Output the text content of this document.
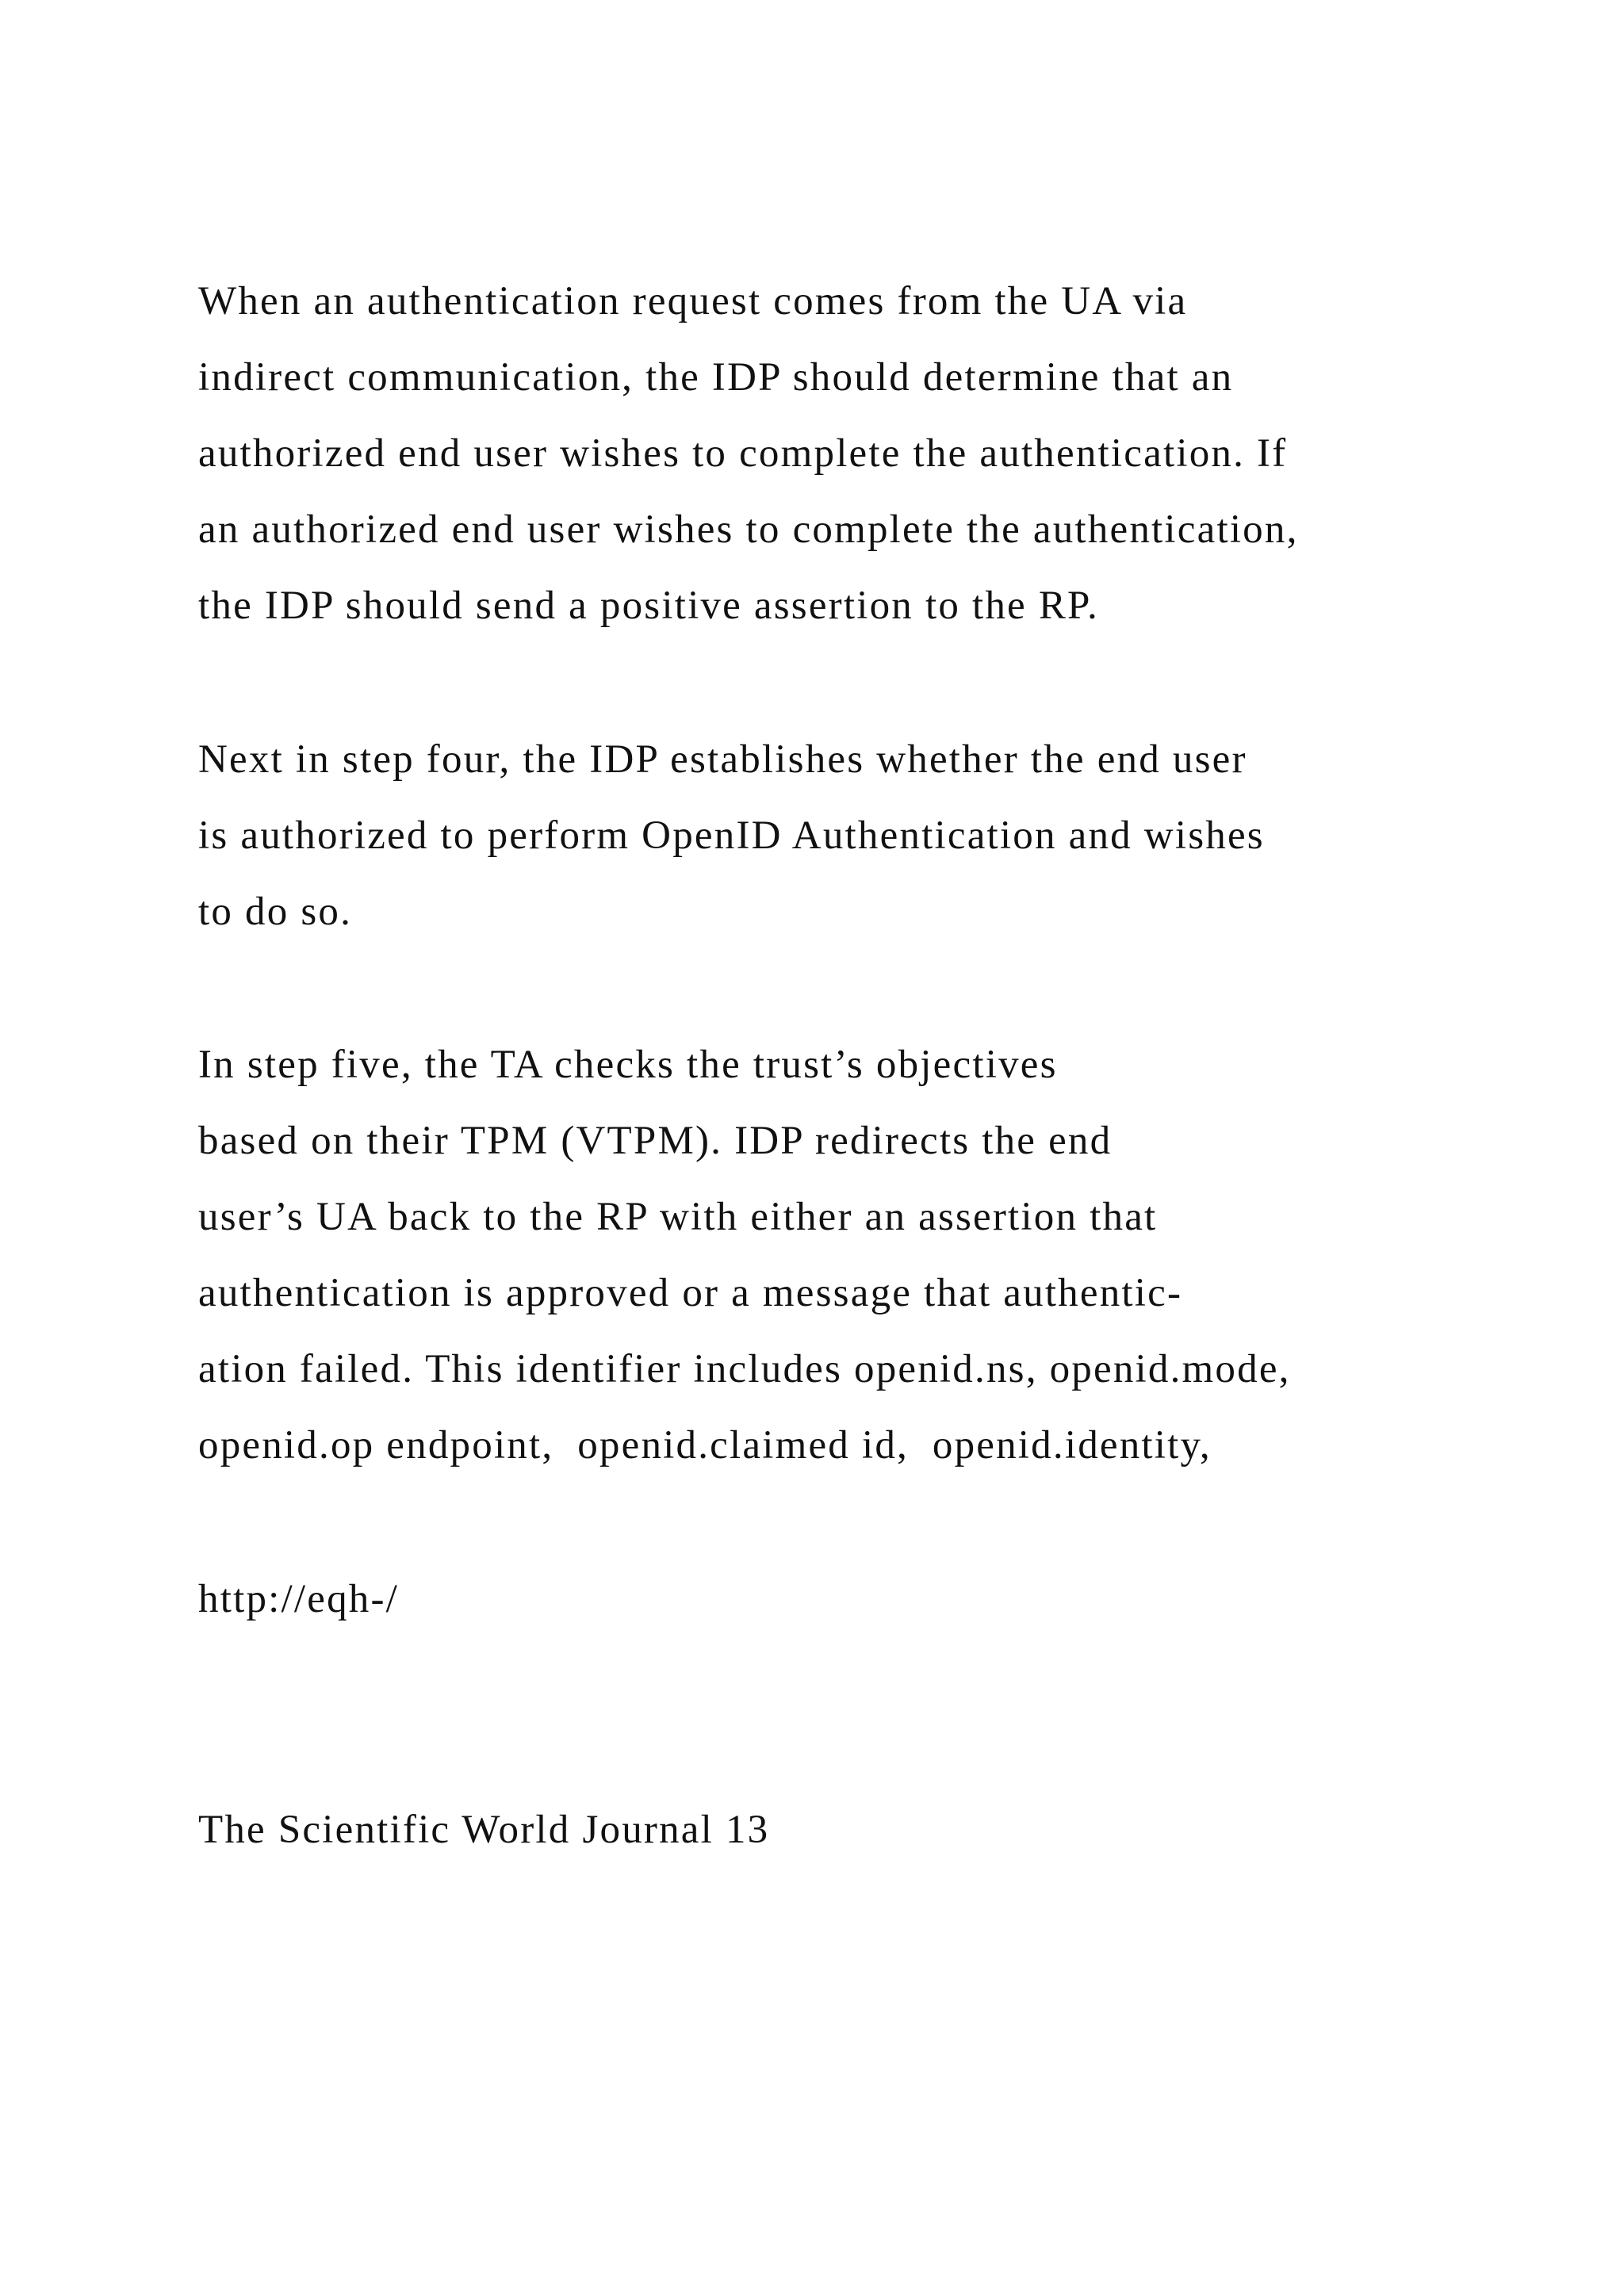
When an authentication request comes from the UA via

indirect communication, the IDP should determine that an

authorized end user wishes to complete the authentication. If

an authorized end user wishes to complete the authentication,

the IDP should send a positive assertion to the RP.

Next in step four, the IDP establishes whether the end user

is authorized to perform OpenID Authentication and wishes

to do so.

In step five, the TA checks the trust’s objectives

based on their TPM (VTPM). IDP redirects the end

user’s UA back to the RP with either an assertion that

authentication is approved or a message that authentic-

ation failed. This identifier includes openid.ns, openid.mode,

openid.op endpoint,  openid.claimed id,  openid.identity,

http://eqh-/

The Scientific World Journal 13
